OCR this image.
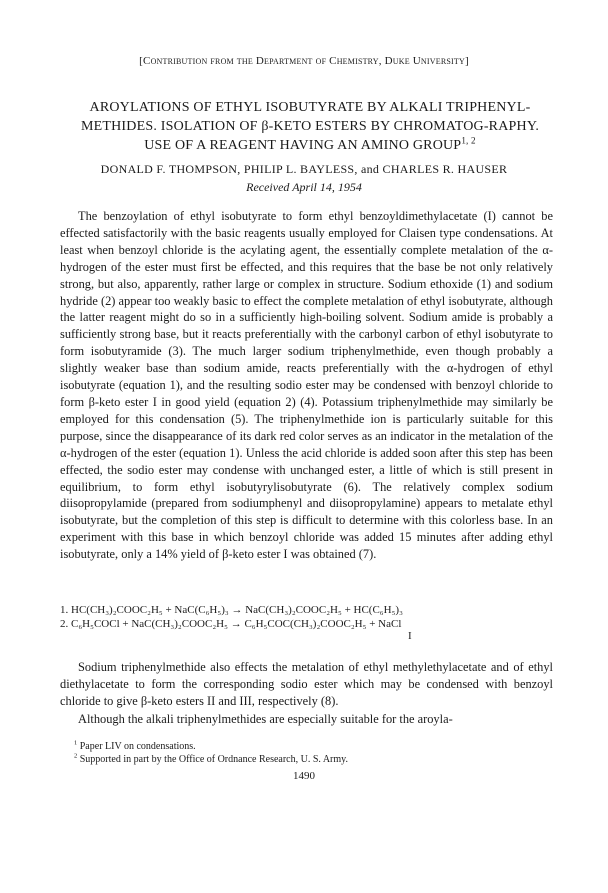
[Contribution from the Department of Chemistry, Duke University]
AROYLATIONS OF ETHYL ISOBUTYRATE BY ALKALI TRIPHENYL-METHIDES. ISOLATION OF β-KETO ESTERS BY CHROMATOG-RAPHY. USE OF A REAGENT HAVING AN AMINO GROUP$^{1, 2}$
DONALD F. THOMPSON, PHILIP L. BAYLESS, and CHARLES R. HAUSER
Received April 14, 1954
The benzoylation of ethyl isobutyrate to form ethyl benzoyldimethylacetate (I) cannot be effected satisfactorily with the basic reagents usually employed for Claisen type condensations. At least when benzoyl chloride is the acylating agent, the essentially complete metalation of the α-hydrogen of the ester must first be effected, and this requires that the base be not only relatively strong, but also, apparently, rather large or complex in structure. Sodium ethoxide (1) and sodium hydride (2) appear too weakly basic to effect the complete metalation of ethyl isobutyrate, although the latter reagent might do so in a sufficiently high-boiling solvent. Sodium amide is probably a sufficiently strong base, but it reacts preferentially with the carbonyl carbon of ethyl isobutyrate to form isobutyramide (3). The much larger sodium triphenylmethide, even though probably a slightly weaker base than sodium amide, reacts preferentially with the α-hydrogen of ethyl isobutyrate (equation 1), and the resulting sodio ester may be condensed with benzoyl chloride to form β-keto ester I in good yield (equation 2) (4). Potassium triphenylmethide may similarly be employed for this condensation (5). The triphenylmethide ion is particularly suitable for this purpose, since the disappearance of its dark red color serves as an indicator in the metalation of the α-hydrogen of the ester (equation 1). Unless the acid chloride is added soon after this step has been effected, the sodio ester may condense with unchanged ester, a little of which is still present in equilibrium, to form ethyl isobutyrylisobutyrate (6). The relatively complex sodium diisopropylamide (prepared from sodiumphenyl and diisopropylamine) appears to metalate ethyl isobutyrate, but the completion of this step is difficult to determine with this colorless base. In an experiment with this base in which benzoyl chloride was added 15 minutes after adding ethyl isobutyrate, only a 14% yield of β-keto ester I was obtained (7).
1. HC(CH₃)₂COOC₂H₅ + NaC(C₆H₅)₃ → NaC(CH₃)₂COOC₂H₅ + HC(C₆H₅)₃
2. C₆H₅COCl + NaC(CH₃)₂COOC₂H₅ → C₆H₅COC(CH₃)₂COOC₂H₅ + NaCl
I
Sodium triphenylmethide also effects the metalation of ethyl methylethylacetate and of ethyl diethylacetate to form the corresponding sodio ester which may be condensed with benzoyl chloride to give β-keto esters II and III, respectively (8).
Although the alkali triphenylmethides are especially suitable for the aroyla-
$^1$ Paper LIV on condensations.
$^2$ Supported in part by the Office of Ordnance Research, U. S. Army.
1490
